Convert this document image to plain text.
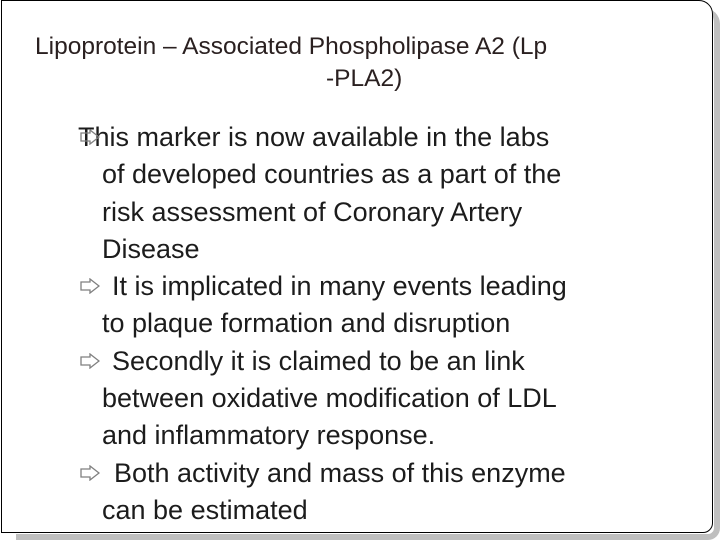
Lipoprotein – Associated Phospholipase A2 (Lp
-PLA2)
This marker is now available in the labs
of developed countries as a part of the
risk assessment of Coronary Artery
Disease
It is implicated in many events leading
to plaque formation and disruption
Secondly it is claimed to be an link
between oxidative modification of LDL
and inflammatory response.
Both activity and mass of this enzyme
can be estimated
